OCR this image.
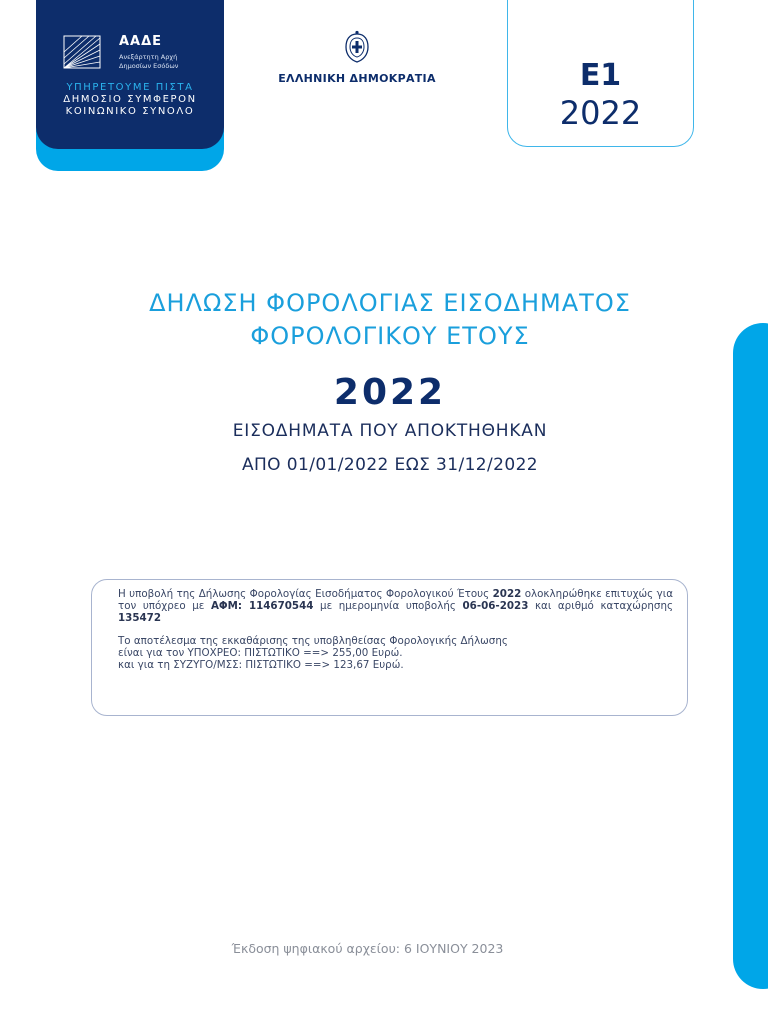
ΑΑΔΕ
Ανεξάρτητη Αρχή
Δημοσίων Εσόδων
ΥΠΗΡΕΤΟΥΜΕ ΠΙΣΤΑ
ΔΗΜΟΣΙΟ ΣΥΜΦΕΡΟΝ
ΚΟΙΝΩΝΙΚΟ ΣΥΝΟΛΟ
ΕΛΛΗΝΙΚΗ ΔΗΜΟΚΡΑΤΙΑ	Ε1
2022
ΔΗΛΩΣΗ ΦΟΡΟΛΟΓΙΑΣ ΕΙΣΟΔΗΜΑΤΟΣ
ΦΟΡΟΛΟΓΙΚΟΥ ΕΤΟΥΣ
2022
ΕΙΣΟΔΗΜΑΤΑ ΠΟΥ ΑΠΟΚΤΗΘΗΚΑΝ
ΑΠΟ 01/01/2022 ΕΩΣ 31/12/2022

Η υποβολή της Δήλωσης Φορολογίας Εισοδήματος Φορολογικού Έτους 2022 ολοκληρώθηκε επιτυχώς για τον υπόχρεο με ΑΦΜ: 114670544 με ημερομηνία υποβολής 06-06-2023 και αριθμό καταχώρησης 135472

Το αποτέλεσμα της εκκαθάρισης της υποβληθείσας Φορολογικής Δήλωσης
είναι για τον ΥΠΟΧΡΕΟ: ΠΙΣΤΩΤΙΚΟ ==> 255,00 Ευρώ.
και για τη ΣΥΖΥΓΟ/ΜΣΣ: ΠΙΣΤΩΤΙΚΟ ==> 123,67 Ευρώ.

Έκδοση ψηφιακού αρχείου: 6 ΙΟΥΝΙΟΥ 2023
